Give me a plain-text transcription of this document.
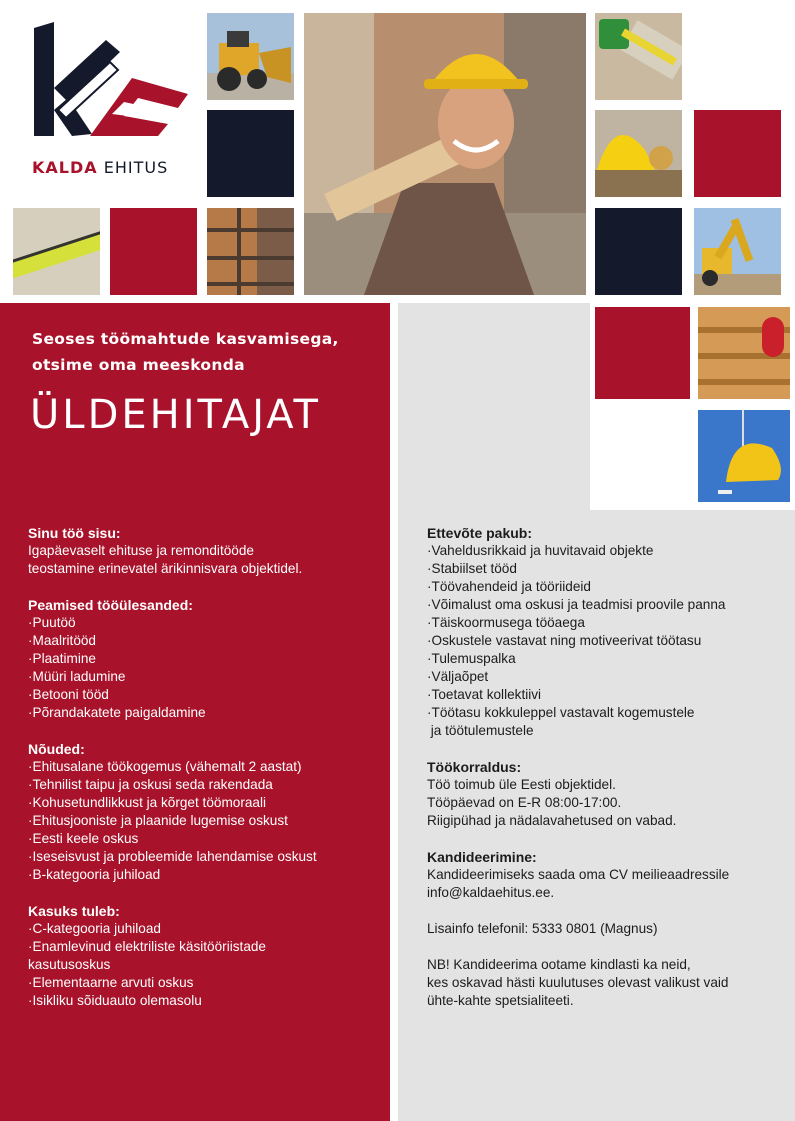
KALDA EHITUS
Seoses töömahtude kasvamisega,
otsime oma meeskonda
ÜLDEHITAJAT
Sinu töö sisu:

Igapäevaselt ehituse ja remonditööde

teostamine erinevatel ärikinnisvara objektidel.

Peamised tööülesanded:
·Puutöö
·Maalritööd
·Plaatimine
·Müüri ladumine
·Betooni tööd
·Põrandakatete paigaldamine
Nõuded:
·Ehitusalane töökogemus (vähemalt 2 aastat)
·Tehnilist taipu ja oskusi seda rakendada
·Kohusetundlikkust ja kõrget töömoraali
·Ehitusjooniste ja plaanide lugemise oskust
·Eesti keele oskus
·Iseseisvust ja probleemide lahendamise oskust
·B-kategooria juhiload
Kasuks tuleb:
·C-kategooria juhiload
·Enamlevinud elektriliste käsitööriistade
kasutusoskus
·Elementaarne arvuti oskus
·Isikliku sõiduauto olemasolu
Ettevõte pakub:
·Vaheldusrikkaid ja huvitavaid objekte
·Stabiilset tööd
·Töövahendeid ja tööriideid
·Võimalust oma oskusi ja teadmisi proovile panna
·Täiskoormusega tööaega
·Oskustele vastavat ning motiveerivat töötasu
·Tulemuspalka
·Väljaõpet
·Toetavat kollektiivi
·Töötasu kokkuleppel vastavalt kogemustele
ja töötulemustele
Töökorraldus:

Töö toimub üle Eesti objektidel.

Tööpäevad on E-R 08:00-17:00.

Riigipühad ja nädalavahetused on vabad.

Kandideerimine:

Kandideerimiseks saada oma CV meilieaadressile

info@kaldaehitus.ee.

Lisainfo telefonil: 5333 0801 (Magnus)

NB! Kandideerima ootame kindlasti ka neid,

kes oskavad hästi kuulutuses olevast valikust vaid

ühte-kahte spetsialiteeti.
